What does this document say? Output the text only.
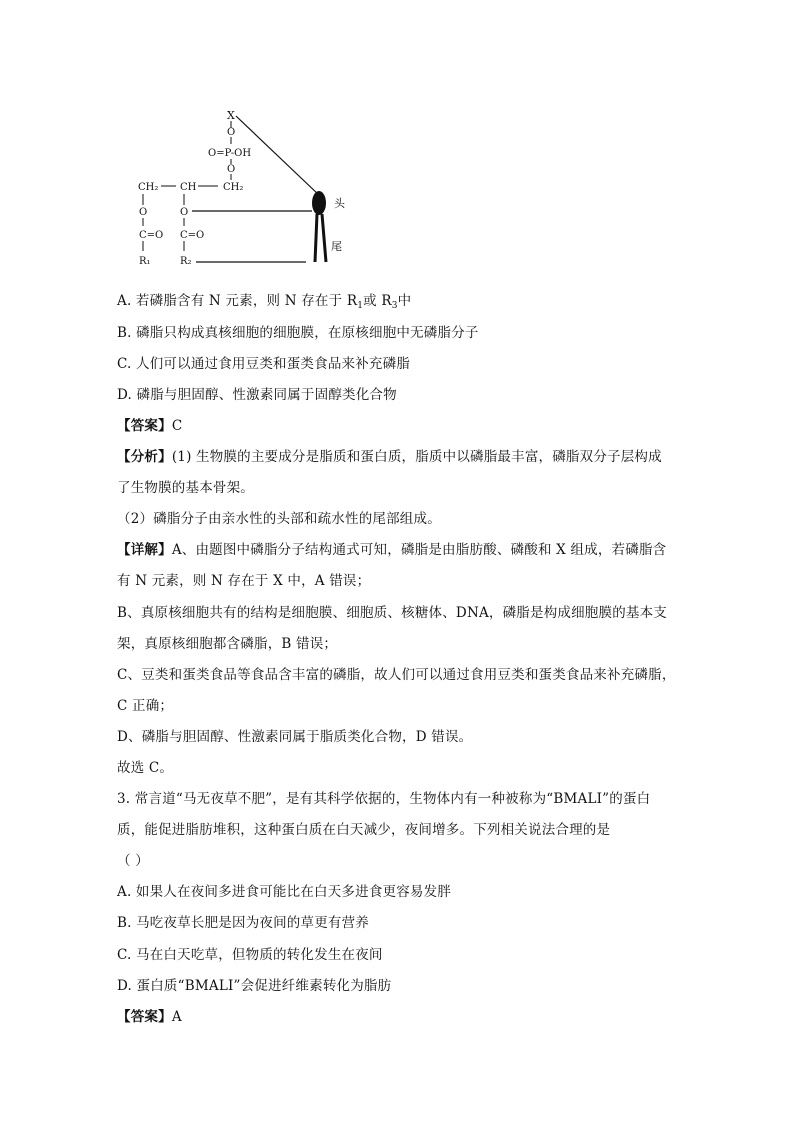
X
O
O=P-OH
O
CH₂ CH	CH₂
O
C=O
R₁
O
C=O
R₂
头
尾
A. 若磷脂含有 N 元素，则 N 存在于 $R_1$或 $R_3$中
B. 磷脂只构成真核细胞的细胞膜，在原核细胞中无磷脂分子
C. 人们可以通过食用豆类和蛋类食品来补充磷脂
D. 磷脂与胆固醇、性激素同属于固醇类化合物
【答案】C
【分析】(1) 生物膜的主要成分是脂质和蛋白质，脂质中以磷脂最丰富，磷脂双分子层构成
了生物膜的基本骨架。
（2）磷脂分子由亲水性的头部和疏水性的尾部组成。
【详解】A、由题图中磷脂分子结构通式可知，磷脂是由脂肪酸、磷酸和 X 组成，若磷脂含
有 N 元素，则 N 存在于 X 中，A 错误；
B、真原核细胞共有的结构是细胞膜、细胞质、核糖体、DNA，磷脂是构成细胞膜的基本支
架，真原核细胞都含磷脂，B 错误；
C、豆类和蛋类食品等食品含丰富的磷脂，故人们可以通过食用豆类和蛋类食品来补充磷脂，
C 正确；
D、磷脂与胆固醇、性激素同属于脂质类化合物，D 错误。
故选 C。
3. 常言道“马无夜草不肥”，是有其科学依据的，生物体内有一种被称为“BMALI”的蛋白
质，能促进脂肪堆积，这种蛋白质在白天减少，夜间增多。下列相关说法合理的是
（ ）
A. 如果人在夜间多进食可能比在白天多进食更容易发胖
B. 马吃夜草长肥是因为夜间的草更有营养
C. 马在白天吃草，但物质的转化发生在夜间
D. 蛋白质“BMALI”会促进纤维素转化为脂肪
【答案】A
